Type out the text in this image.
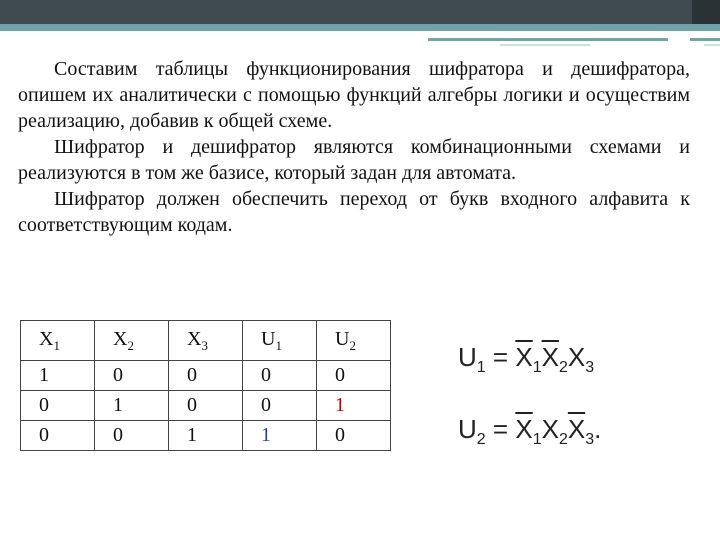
Составим таблицы функционирования шифратора и дешифратора, опишем их аналитически с помощью функций алгебры логики и осуществим реализацию, добавив к общей схеме.

Шифратор и дешифратор являются комбинационными схемами и реализуются в том же базисе, который задан для автомата.

Шифратор должен обеспечить переход от букв входного алфавита к соответствующим кодам.

$X_1$	$X_2$	$X_3$	$U_1$	$U_2$
1	0	0	0	0
0	1	0	0	1
0	0	1	1	0
$U_1 = \overline{X}_1\overline{X}_2X_3$
$U_2 = \overline{X}_1X_2\overline{X}_3$.
